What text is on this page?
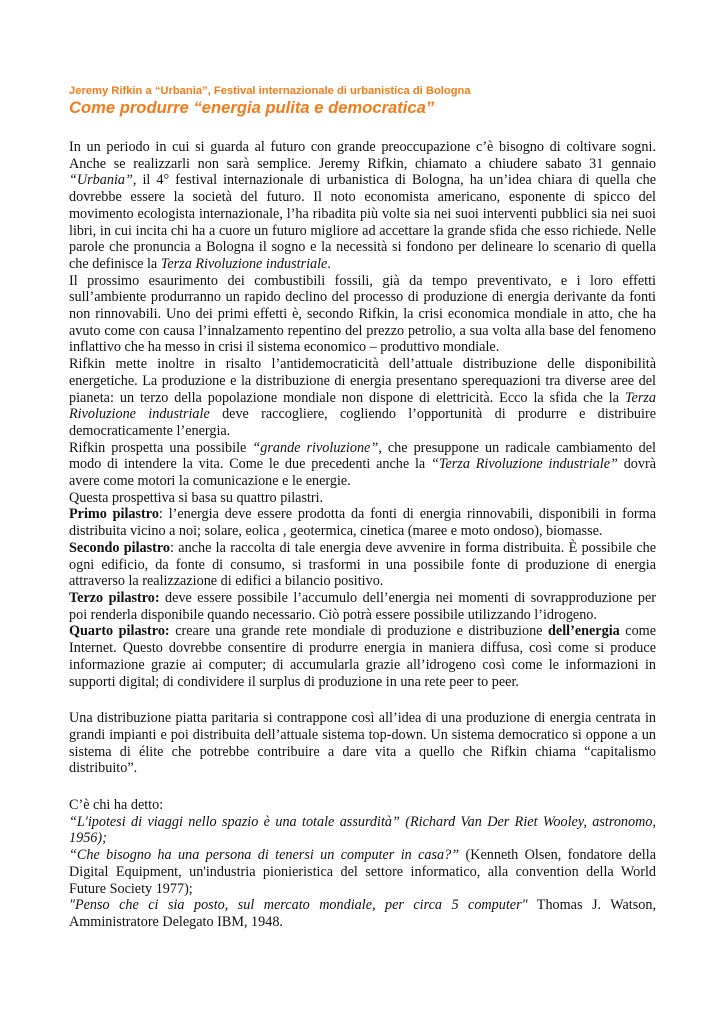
Jeremy Rifkin a “Urbania”, Festival internazionale di urbanistica di Bologna

Come produrre “energia pulita e democratica”

In un periodo in cui si guarda al futuro con grande preoccupazione c’è bisogno di coltivare sogni. Anche se realizzarli non sarà semplice. Jeremy Rifkin, chiamato a chiudere sabato 31 gennaio “Urbania”, il 4° festival internazionale di urbanistica di Bologna, ha un’idea chiara di quella che dovrebbe essere la società del futuro. Il noto economista americano, esponente di spicco del movimento ecologista internazionale, l’ha ribadita più volte sia nei suoi interventi pubblici sia nei suoi libri, in cui incita chi ha a cuore un futuro migliore ad accettare la grande sfida che esso richiede. Nelle parole che pronuncia a Bologna il sogno e la necessità si fondono per delineare lo scenario di quella che definisce la Terza Rivoluzione industriale.

Il prossimo esaurimento dei combustibili fossili, già da tempo preventivato, e i loro effetti sull’ambiente produrranno un rapido declino del processo di produzione di energia derivante da fonti non rinnovabili. Uno dei primi effetti è, secondo Rifkin, la crisi economica mondiale in atto, che ha avuto come con causa l’innalzamento repentino del prezzo petrolio, a sua volta alla base del fenomeno inflattivo che ha messo in crisi il sistema economico – produttivo mondiale.

Rifkin mette inoltre in risalto l’antidemocraticità dell’attuale distribuzione delle disponibilità energetiche. La produzione e la distribuzione di energia presentano sperequazioni tra diverse aree del pianeta: un terzo della popolazione mondiale non dispone di elettricità. Ecco la sfida che la Terza Rivoluzione industriale deve raccogliere, cogliendo l’opportunità di produrre e distribuire democraticamente l’energia.

Rifkin prospetta una possibile “grande rivoluzione”, che presuppone un radicale cambiamento del modo di intendere la vita. Come le due precedenti anche la “Terza Rivoluzione industriale” dovrà avere come motori la comunicazione e le energie.

Questa prospettiva si basa su quattro pilastri.

Primo pilastro: l’energia deve essere prodotta da fonti di energia rinnovabili, disponibili in forma distribuita vicino a noi; solare, eolica , geotermica, cinetica (maree e moto ondoso), biomasse.

Secondo pilastro: anche la raccolta di tale energia deve avvenire in forma distribuita. È possibile che ogni edificio, da fonte di consumo, si trasformi in una possibile fonte di produzione di energia attraverso la realizzazione di edifici a bilancio positivo.

Terzo pilastro: deve essere possibile l’accumulo dell’energia nei momenti di sovrapproduzione per poi renderla disponibile quando necessario. Ciò potrà essere possibile utilizzando l’idrogeno.

Quarto pilastro: creare una grande rete mondiale di produzione e distribuzione dell’energia come Internet. Questo dovrebbe consentire di produrre energia in maniera diffusa, così come si produce informazione grazie ai computer; di accumularla grazie all’idrogeno così come le informazioni in supporti digital; di condividere il surplus di produzione in una rete peer to peer.

Una distribuzione piatta paritaria si contrappone così all’idea di una produzione di energia centrata in grandi impianti e poi distribuita dell’attuale sistema top-down. Un sistema democratico si oppone a un sistema di élite che potrebbe contribuire a dare vita a quello che Rifkin chiama “capitalismo distribuito”.

C’è chi ha detto:

“L'ipotesi di viaggi nello spazio è una totale assurdità” (Richard Van Der Riet Wooley, astronomo, 1956);

“Che bisogno ha una persona di tenersi un computer in casa?” (Kenneth Olsen, fondatore della Digital Equipment, un'industria pionieristica del settore informatico, alla convention della World Future Society 1977);

"Penso che ci sia posto, sul mercato mondiale, per circa 5 computer" Thomas J. Watson, Amministratore Delegato IBM, 1948.
